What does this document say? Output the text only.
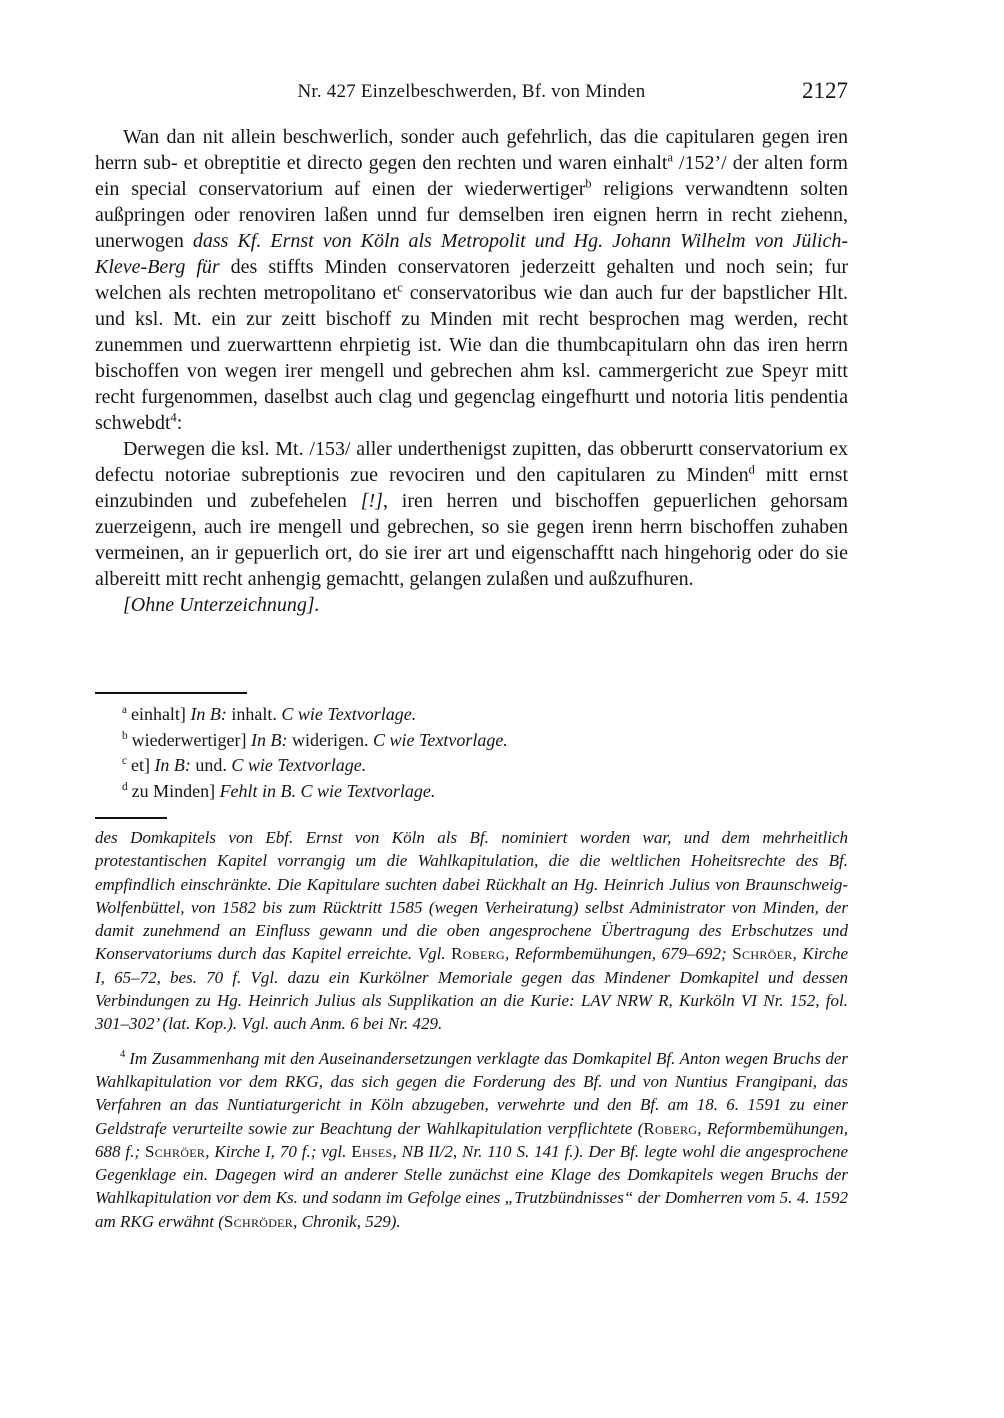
Nr. 427 Einzelbeschwerden, Bf. von Minden	2127

Wan dan nit allein beschwerlich, sonder auch gefehrlich, das die capitularen gegen iren herrn sub- et obreptitie et directo gegen den rechten und waren einhalt$^a$ /152’/ der alten form ein special conservatorium auf einen der wiederwertiger$^b$ religions verwandtenn solten außpringen oder renoviren laßen unnd fur demselben iren eignen herrn in recht ziehenn, unerwogen dass Kf. Ernst von Köln als Metropolit und Hg. Johann Wilhelm von Jülich-Kleve-Berg für des stiffts Minden conservatoren jederzeitt gehalten und noch sein; fur welchen als rechten metropolitano $et^c$ conservatoribus wie dan auch fur der bapstlicher Hlt. und ksl. Mt. ein zur zeitt bischoff zu Minden mit recht besprochen mag werden, recht zunemmen und zuerwarttenn ehrpietig ist. Wie dan die thumbcapitularn ohn das iren herrn bischoffen von wegen irer mengell und gebrechen ahm ksl. cammergericht zue Speyr mitt recht furgenommen, daselbst auch clag und gegenclag eingefhurtt und notoria litis pendentia schwebdt$^4$:

Derwegen die ksl. Mt. /153/ aller underthenigst zupitten, das obberurtt conservatorium ex defectu notoriae subreptionis zue revociren und den capitularen zu Minden$^d$ mitt ernst einzubinden und zubefehelen [!], iren herren und bischoffen gepuerlichen gehorsam zuerzeigenn, auch ire mengell und gebrechen, so sie gegen irenn herrn bischoffen zuhaben vermeinen, an ir gepuerlich ort, do sie irer art und eigenschafftt nach hingehorig oder do sie albereitt mitt recht anhengig gemachtt, gelangen zulaßen und außzufhuren.

[Ohne Unterzeichnung].

$^a$ einhalt] In B: inhalt. C wie Textvorlage.

$^b$ wiederwertiger] In B: widerigen. C wie Textvorlage.

$^c$ et] In B: und. C wie Textvorlage.

$^d$ zu Minden] Fehlt in B. C wie Textvorlage.

des Domkapitels von Ebf. Ernst von Köln als Bf. nominiert worden war, und dem mehrheitlich protestantischen Kapitel vorrangig um die Wahlkapitulation, die die weltlichen Hoheitsrechte des Bf. empfindlich einschränkte. Die Kapitulare suchten dabei Rückhalt an Hg. Heinrich Julius von Braunschweig-Wolfenbüttel, von 1582 bis zum Rücktritt 1585 (wegen Verheiratung) selbst Administrator von Minden, der damit zunehmend an Einfluss gewann und die oben angesprochene Übertragung des Erbschutzes und Konservatoriums durch das Kapitel erreichte. Vgl. Roberg, Reformbemühungen, 679–692; Schröer, Kirche I, 65–72, bes. 70 f. Vgl. dazu ein Kurkölner Memoriale gegen das Mindener Domkapitel und dessen Verbindungen zu Hg. Heinrich Julius als Supplikation an die Kurie: LAV NRW R, Kurköln VI Nr. 152, fol. 301–302’ (lat. Kop.). Vgl. auch Anm. 6 bei Nr. 429.

$^4$ Im Zusammenhang mit den Auseinandersetzungen verklagte das Domkapitel Bf. Anton wegen Bruchs der Wahlkapitulation vor dem RKG, das sich gegen die Forderung des Bf. und von Nuntius Frangipani, das Verfahren an das Nuntiaturgericht in Köln abzugeben, verwehrte und den Bf. am 18. 6. 1591 zu einer Geldstrafe verurteilte sowie zur Beachtung der Wahlkapitulation verpflichtete (Roberg, Reformbemühungen, 688 f.; Schröer, Kirche I, 70 f.; vgl. Ehses, NB II/2, Nr. 110 S. 141 f.). Der Bf. legte wohl die angesprochene Gegenklage ein. Dagegen wird an anderer Stelle zunächst eine Klage des Domkapitels wegen Bruchs der Wahlkapitulation vor dem Ks. und sodann im Gefolge eines „Trutzbündnisses“ der Domherren vom 5. 4. 1592 am RKG erwähnt (Schröder, Chronik, 529).
